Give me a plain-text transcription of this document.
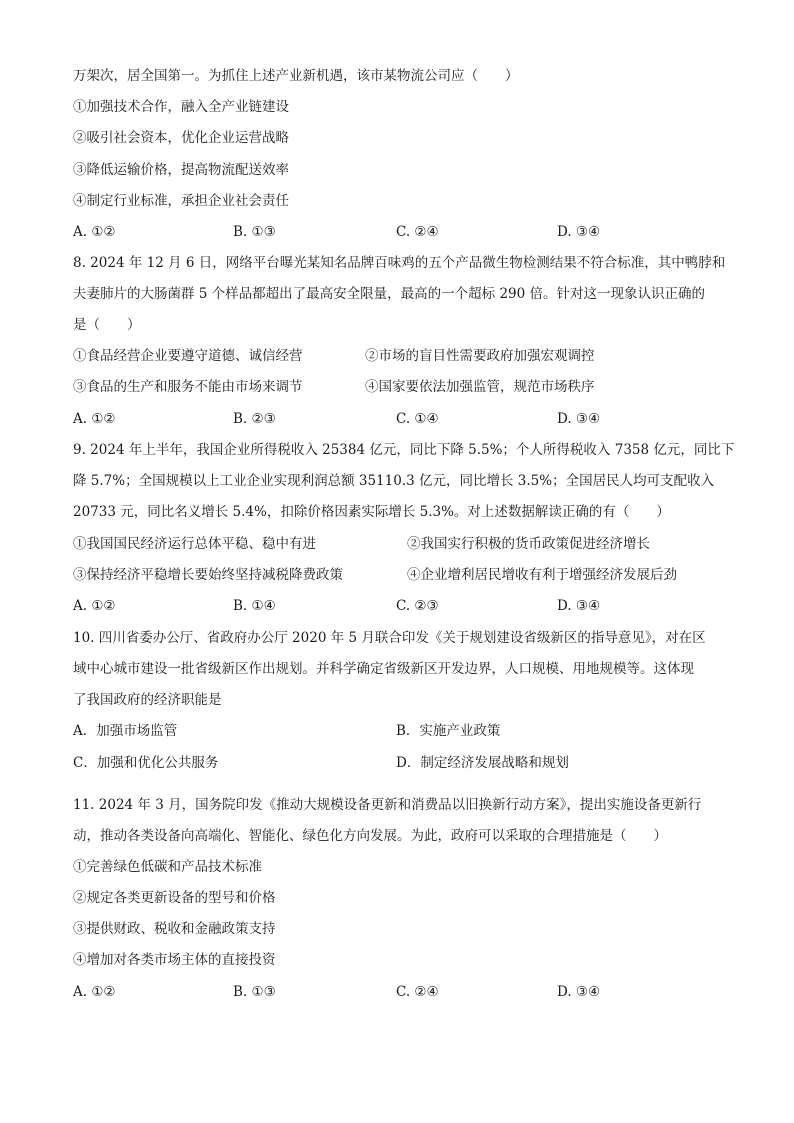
万架次，居全国第一。为抓住上述产业新机遇，该市某物流公司应（　　）
①加强技术合作，融入全产业链建设
②吸引社会资本，优化企业运营战略
③降低运输价格，提高物流配送效率
④制定行业标准，承担企业社会责任
A. ①②	B. ①③	C. ②④	D. ③④
8. 2024 年 12 月 6 日，网络平台曝光某知名品牌百味鸡的五个产品微生物检测结果不符合标准，其中鸭脖和
夫妻肺片的大肠菌群 5 个样品都超出了最高安全限量，最高的一个超标 290 倍。针对这一现象认识正确的
是（　　）
①食品经营企业要遵守道德、诚信经营	②市场的盲目性需要政府加强宏观调控
③食品的生产和服务不能由市场来调节	④国家要依法加强监管，规范市场秩序
A. ①②	B. ②③	C. ①④	D. ③④
9. 2024 年上半年，我国企业所得税收入 25384 亿元，同比下降 5.5%；个人所得税收入 7358 亿元，同比下
降 5.7%；全国规模以上工业企业实现利润总额 35110.3 亿元，同比增长 3.5%；全国居民人均可支配收入
20733 元，同比名义增长 5.4%，扣除价格因素实际增长 5.3%。对上述数据解读正确的有（　　）
①我国国民经济运行总体平稳、稳中有进	②我国实行积极的货币政策促进经济增长
③保持经济平稳增长要始终坚持减税降费政策	④企业增利居民增收有利于增强经济发展后劲
A. ①②	B. ①④	C. ②③	D. ③④
10. 四川省委办公厅、省政府办公厅 2020 年 5 月联合印发《关于规划建设省级新区的指导意见》，对在区
域中心城市建设一批省级新区作出规划。并科学确定省级新区开发边界，人口规模、用地规模等。这体现
了我国政府的经济职能是
A．加强市场监管	B．实施产业政策
C．加强和优化公共服务	D．制定经济发展战略和规划
11. 2024 年 3 月，国务院印发《推动大规模设备更新和消费品以旧换新行动方案》，提出实施设备更新行
动，推动各类设备向高端化、智能化、绿色化方向发展。为此，政府可以采取的合理措施是（　　）
①完善绿色低碳和产品技术标准
②规定各类更新设备的型号和价格
③提供财政、税收和金融政策支持
④增加对各类市场主体的直接投资
A. ①②	B. ①③	C. ②④	D. ③④
